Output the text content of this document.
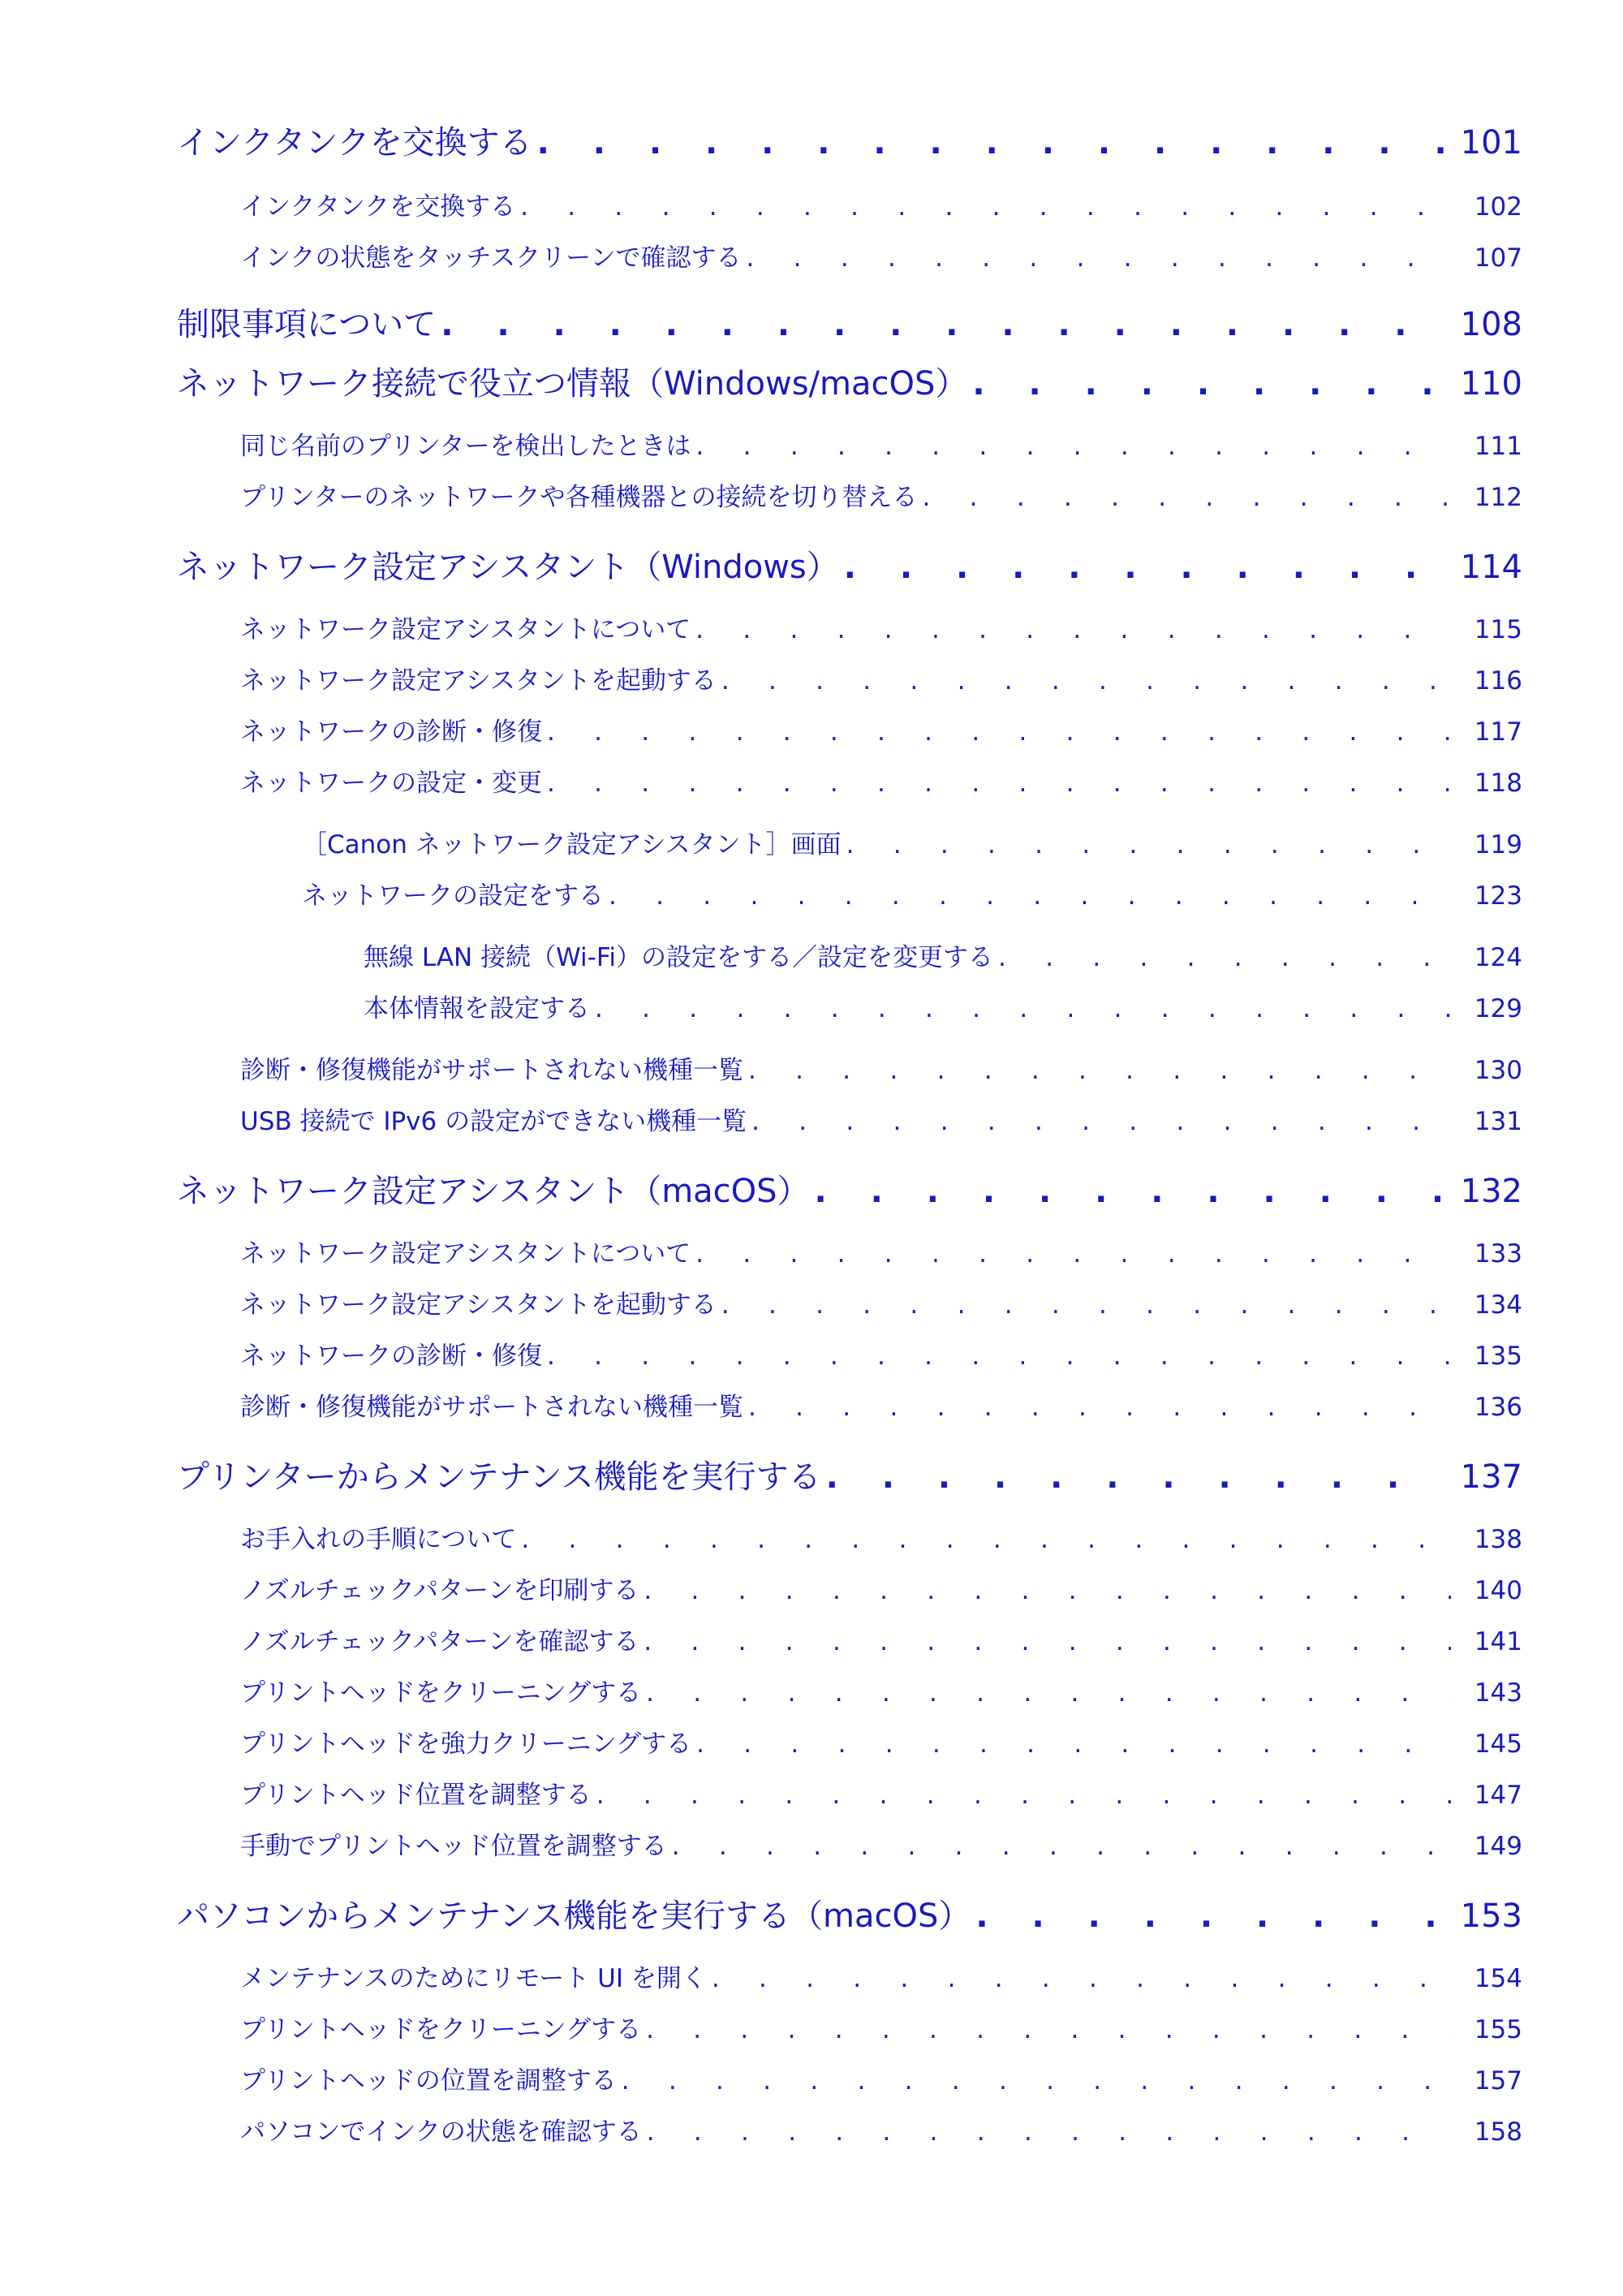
インクタンクを交換する . . .	101
インクタンクを交換する . . .	102
インクの状態をタッチスクリーンで確認する . . .	107
制限事項について . . .	108
ネットワーク接続で役立つ情報（Windows/macOS） . . .	110
同じ名前のプリンターを検出したときは . . .	111
プリンターのネットワークや各種機器との接続を切り替える . . .	112
ネットワーク設定アシスタント（Windows） . . .	114
ネットワーク設定アシスタントについて . . .	115
ネットワーク設定アシスタントを起動する . . .	116
ネットワークの診断・修復 . . .	117
ネットワークの設定・変更 . . .	118
［Canon ネットワーク設定アシスタント］画面 . . .	119
ネットワークの設定をする . . .	123
無線 LAN 接続（Wi-Fi）の設定をする／設定を変更する . . .	124
本体情報を設定する . . .	129
診断・修復機能がサポートされない機種一覧 . . .	130
USB 接続で IPv6 の設定ができない機種一覧 . . .	131
ネットワーク設定アシスタント（macOS） . . .	132
ネットワーク設定アシスタントについて . . .	133
ネットワーク設定アシスタントを起動する . . .	134
ネットワークの診断・修復 . . .	135
診断・修復機能がサポートされない機種一覧 . . .	136
プリンターからメンテナンス機能を実行する . . .	137
お手入れの手順について . . .	138
ノズルチェックパターンを印刷する . . .	140
ノズルチェックパターンを確認する . . .	141
プリントヘッドをクリーニングする . . .	143
プリントヘッドを強力クリーニングする . . .	145
プリントヘッド位置を調整する . . .	147
手動でプリントヘッド位置を調整する . . .	149
パソコンからメンテナンス機能を実行する（macOS） . . .	153
メンテナンスのためにリモート UI を開く . . .	154
プリントヘッドをクリーニングする . . .	155
プリントヘッドの位置を調整する . . .	157
パソコンでインクの状態を確認する . . .	158
